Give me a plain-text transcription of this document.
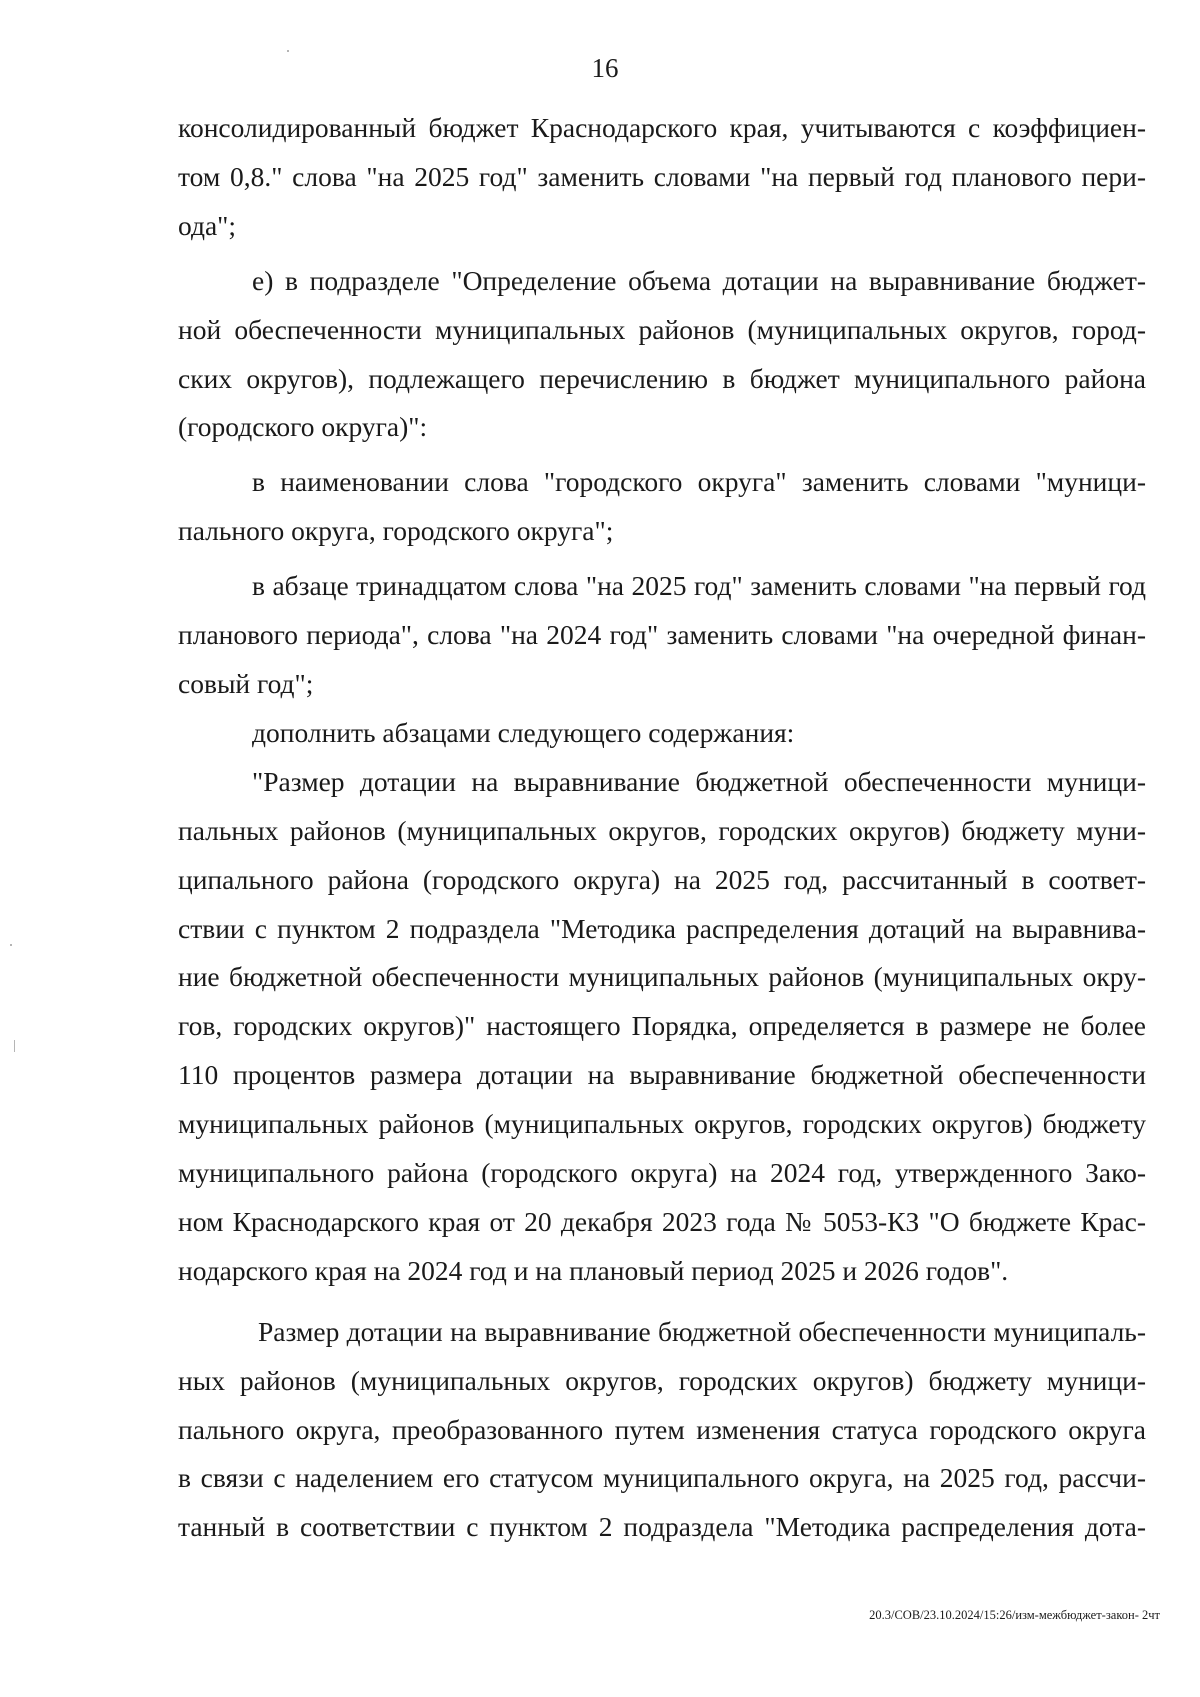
16
консолидированный бюджет Краснодарского края, учитываются с коэффициен-
том 0,8." слова "на 2025 год" заменить словами "на первый год планового пери-
ода";
е) в подразделе "Определение объема дотации на выравнивание бюджет-
ной обеспеченности муниципальных районов (муниципальных округов, город-
ских округов), подлежащего перечислению в бюджет муниципального района
(городского округа)":
в наименовании слова "городского округа" заменить словами "муници-
пального округа, городского округа";
в абзаце тринадцатом слова "на 2025 год" заменить словами "на первый год
планового периода", слова "на 2024 год" заменить словами "на очередной финан-
совый год";
дополнить абзацами следующего содержания:
"Размер дотации на выравнивание бюджетной обеспеченности муници-
пальных районов (муниципальных округов, городских округов) бюджету муни-
ципального района (городского округа) на 2025 год, рассчитанный в соответ-
ствии с пунктом 2 подраздела "Методика распределения дотаций на выравнива-
ние бюджетной обеспеченности муниципальных районов (муниципальных окру-
гов, городских округов)" настоящего Порядка, определяется в размере не более
110 процентов размера дотации на выравнивание бюджетной обеспеченности
муниципальных районов (муниципальных округов, городских округов) бюджету
муниципального района (городского округа) на 2024 год, утвержденного Зако-
ном Краснодарского края от 20 декабря 2023 года № 5053-КЗ "О бюджете Крас-
нодарского края на 2024 год и на плановый период 2025 и 2026 годов".
Размер дотации на выравнивание бюджетной обеспеченности муниципаль-
ных районов (муниципальных округов, городских округов) бюджету муници-
пального округа, преобразованного путем изменения статуса городского округа
в связи с наделением его статусом муниципального округа, на 2025 год, рассчи-
танный в соответствии с пунктом 2 подраздела "Методика распределения дота-
20.3/СОВ/23.10.2024/15:26/изм-межбюджет-закон- 2чт
